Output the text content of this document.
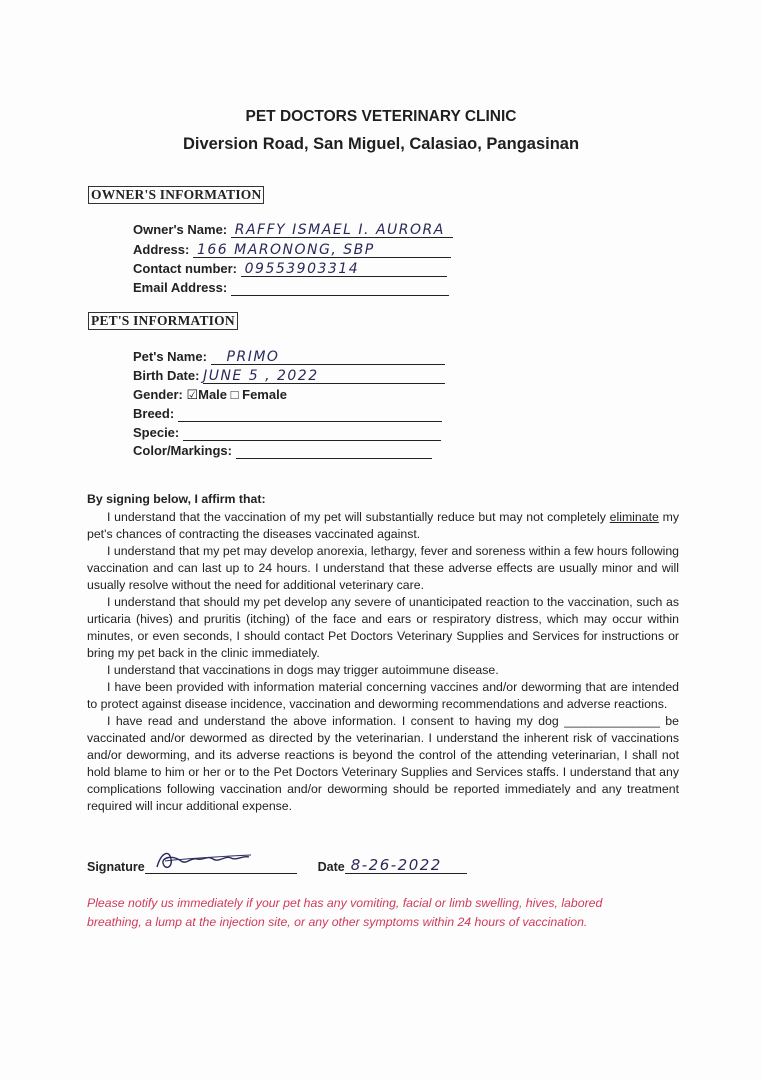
PET DOCTORS VETERINARY CLINIC
Diversion Road, San Miguel, Calasiao, Pangasinan
OWNER'S INFORMATION
Owner's Name: RAFFY ISMAEL I. AURORA
Address: 166 MARONONG, SBP
Contact number: 09553903314
Email Address:
PET'S INFORMATION
Pet's Name: PRIMO
Birth Date: JUNE 5 , 2022
Gender: ☑Male □ Female
Breed:
Specie:
Color/Markings:

By signing below, I affirm that:

I understand that the vaccination of my pet will substantially reduce but may not completely eliminate my pet's chances of contracting the diseases vaccinated against.

I understand that my pet may develop anorexia, lethargy, fever and soreness within a few hours following vaccination and can last up to 24 hours. I understand that these adverse effects are usually minor and will usually resolve without the need for additional veterinary care.

I understand that should my pet develop any severe of unanticipated reaction to the vaccination, such as urticaria (hives) and pruritis (itching) of the face and ears or respiratory distress, which may occur within minutes, or even seconds, I should contact Pet Doctors Veterinary Supplies and Services for instructions or bring my pet back in the clinic immediately.

I understand that vaccinations in dogs may trigger autoimmune disease.

I have been provided with information material concerning vaccines and/or deworming that are intended to protect against disease incidence, vaccination and deworming recommendations and adverse reactions.

I have read and understand the above information. I consent to having my dog ______________ be vaccinated and/or dewormed as directed by the veterinarian. I understand the inherent risk of vaccinations and/or deworming, and its adverse reactions is beyond the control of the attending veterinarian, I shall not hold blame to him or her or to the Pet Doctors Veterinary Supplies and Services staffs. I understand that any complications following vaccination and/or deworming should be reported immediately and any treatment required will incur additional expense.

Signature	Date 8-26-2022
Please notify us immediately if your pet has any vomiting, facial or limb swelling, hives, labored breathing, a lump at the injection site, or any other symptoms within 24 hours of vaccination.
